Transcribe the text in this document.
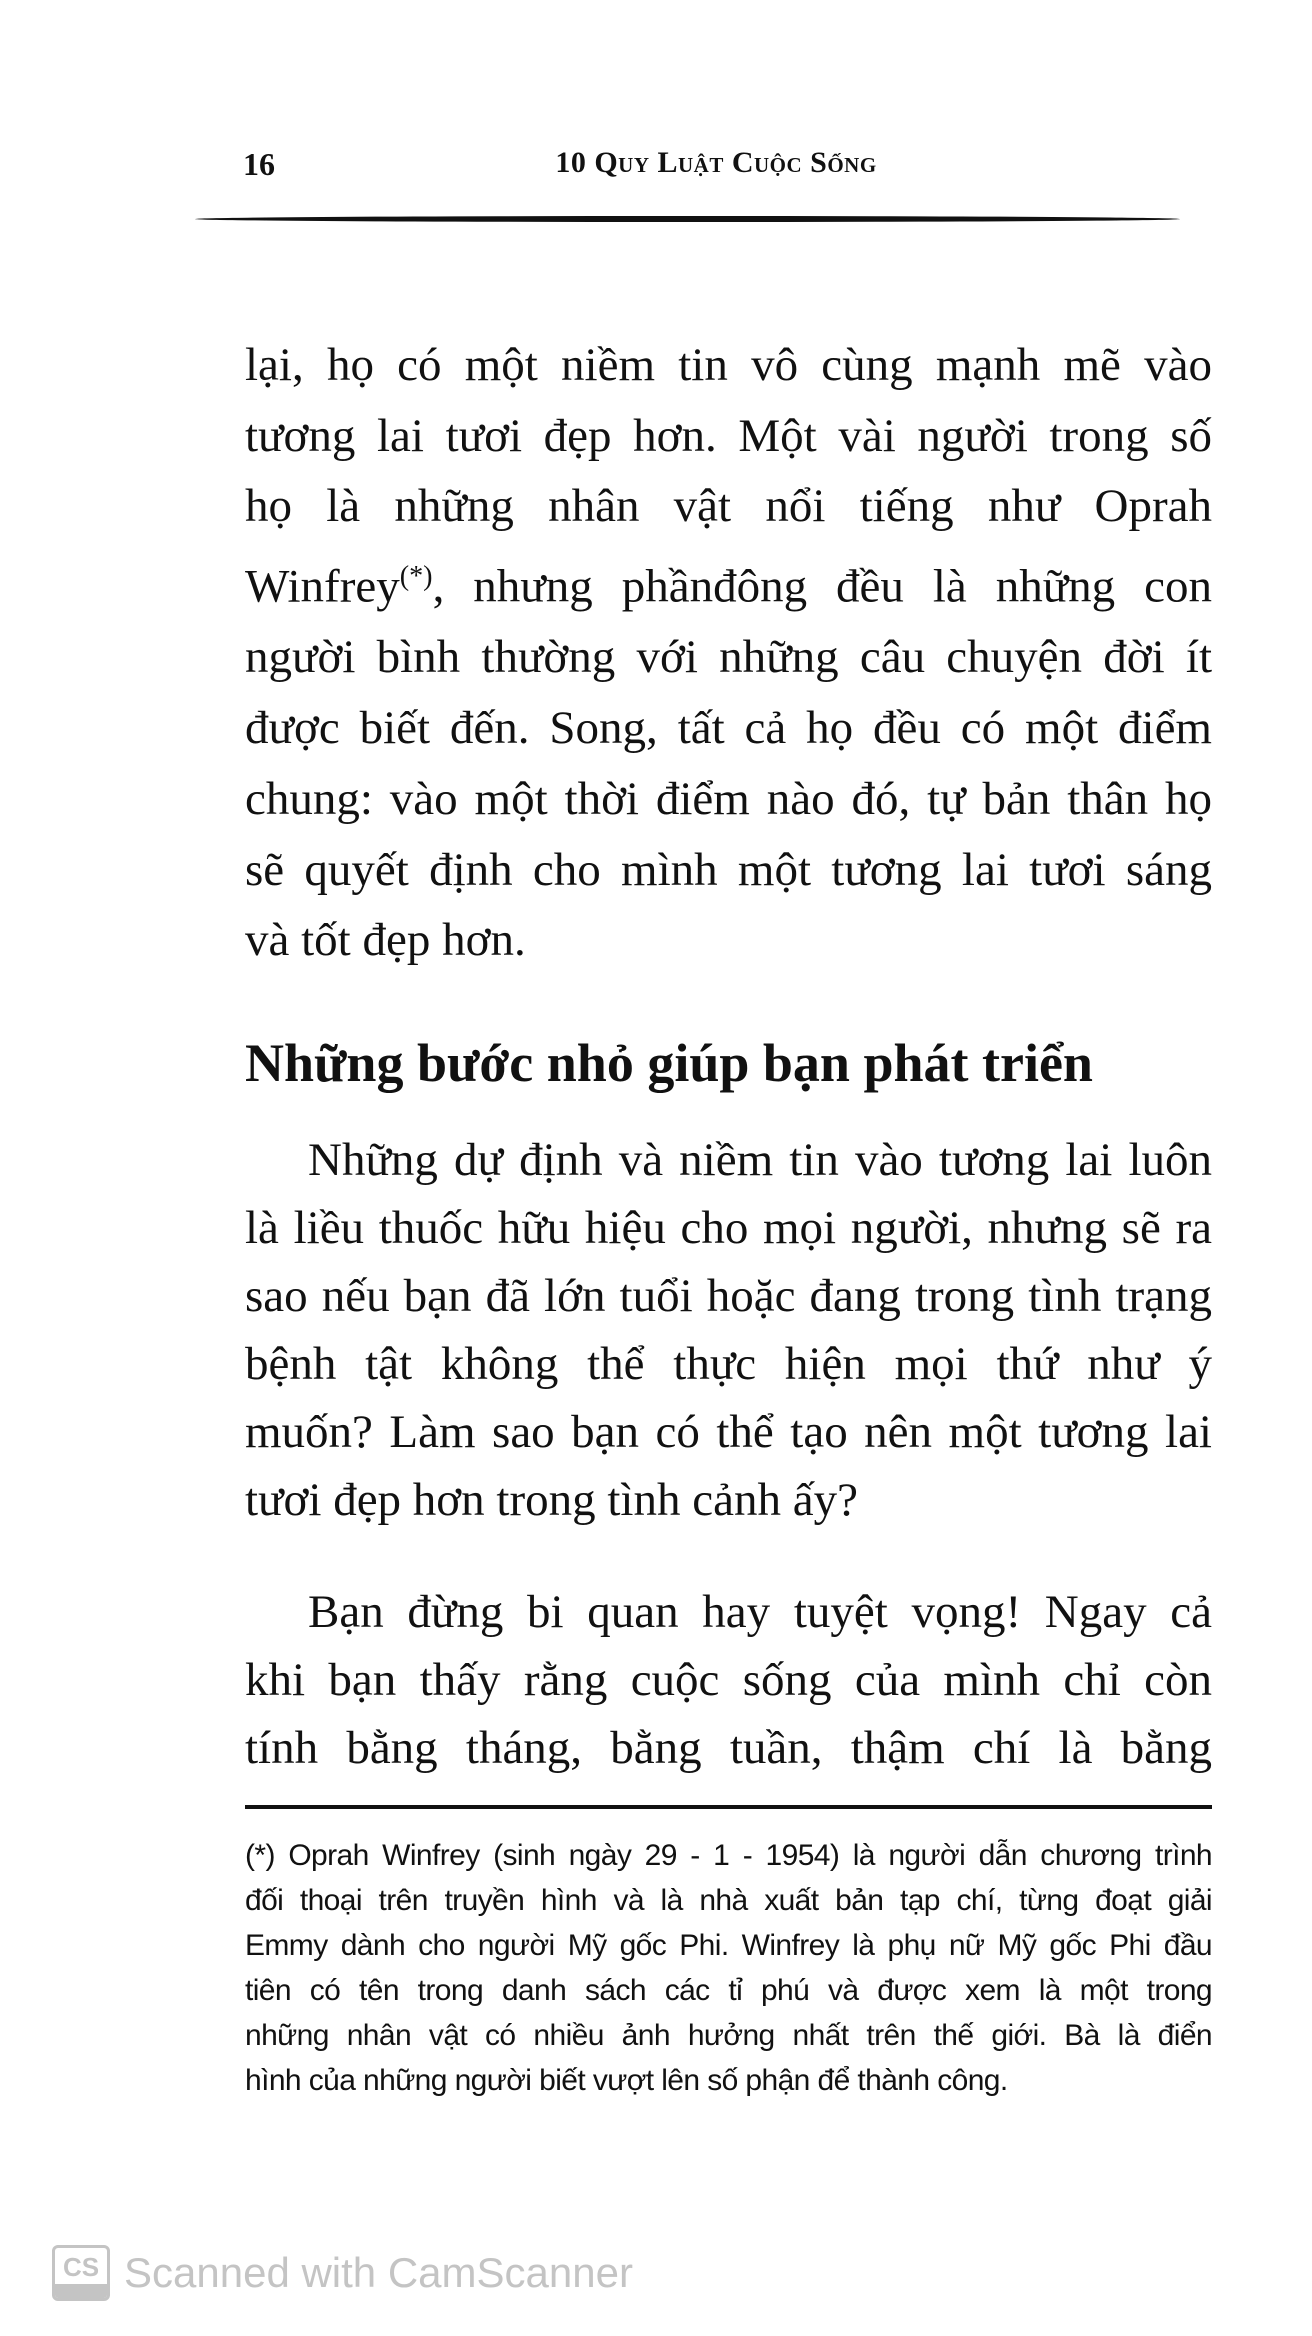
16	10 Quy Luật Cuộc Sống
lại, họ có một niềm tin vô cùng mạnh mẽ vào
tương lai tươi đẹp hơn. Một vài người trong số
họ là những nhân vật nổi tiếng như Oprah
Winfrey(*), nhưng phầnđông đều là những con
người bình thường với những câu chuyện đời ít
được biết đến. Song, tất cả họ đều có một điểm
chung: vào một thời điểm nào đó, tự bản thân họ
sẽ quyết định cho mình một tương lai tươi sáng
và tốt đẹp hơn.
Những bước nhỏ giúp bạn phát triển
Những dự định và niềm tin vào tương lai luôn
là liều thuốc hữu hiệu cho mọi người, nhưng sẽ ra
sao nếu bạn đã lớn tuổi hoặc đang trong tình trạng
bệnh tật không thể thực hiện mọi thứ như ý
muốn? Làm sao bạn có thể tạo nên một tương lai
tươi đẹp hơn trong tình cảnh ấy?
Bạn đừng bi quan hay tuyệt vọng! Ngay cả
khi bạn thấy rằng cuộc sống của mình chỉ còn
tính bằng tháng, bằng tuần, thậm chí là bằng
(*) Oprah Winfrey (sinh ngày 29 - 1 - 1954) là người dẫn chương trình
đối thoại trên truyền hình và là nhà xuất bản tạp chí, từng đoạt giải
Emmy dành cho người Mỹ gốc Phi. Winfrey là phụ nữ Mỹ gốc Phi đầu
tiên có tên trong danh sách các tỉ phú và được xem là một trong
những nhân vật có nhiều ảnh hưởng nhất trên thế giới. Bà là điển
hình của những người biết vượt lên số phận để thành công.
CS Scanned with CamScanner
